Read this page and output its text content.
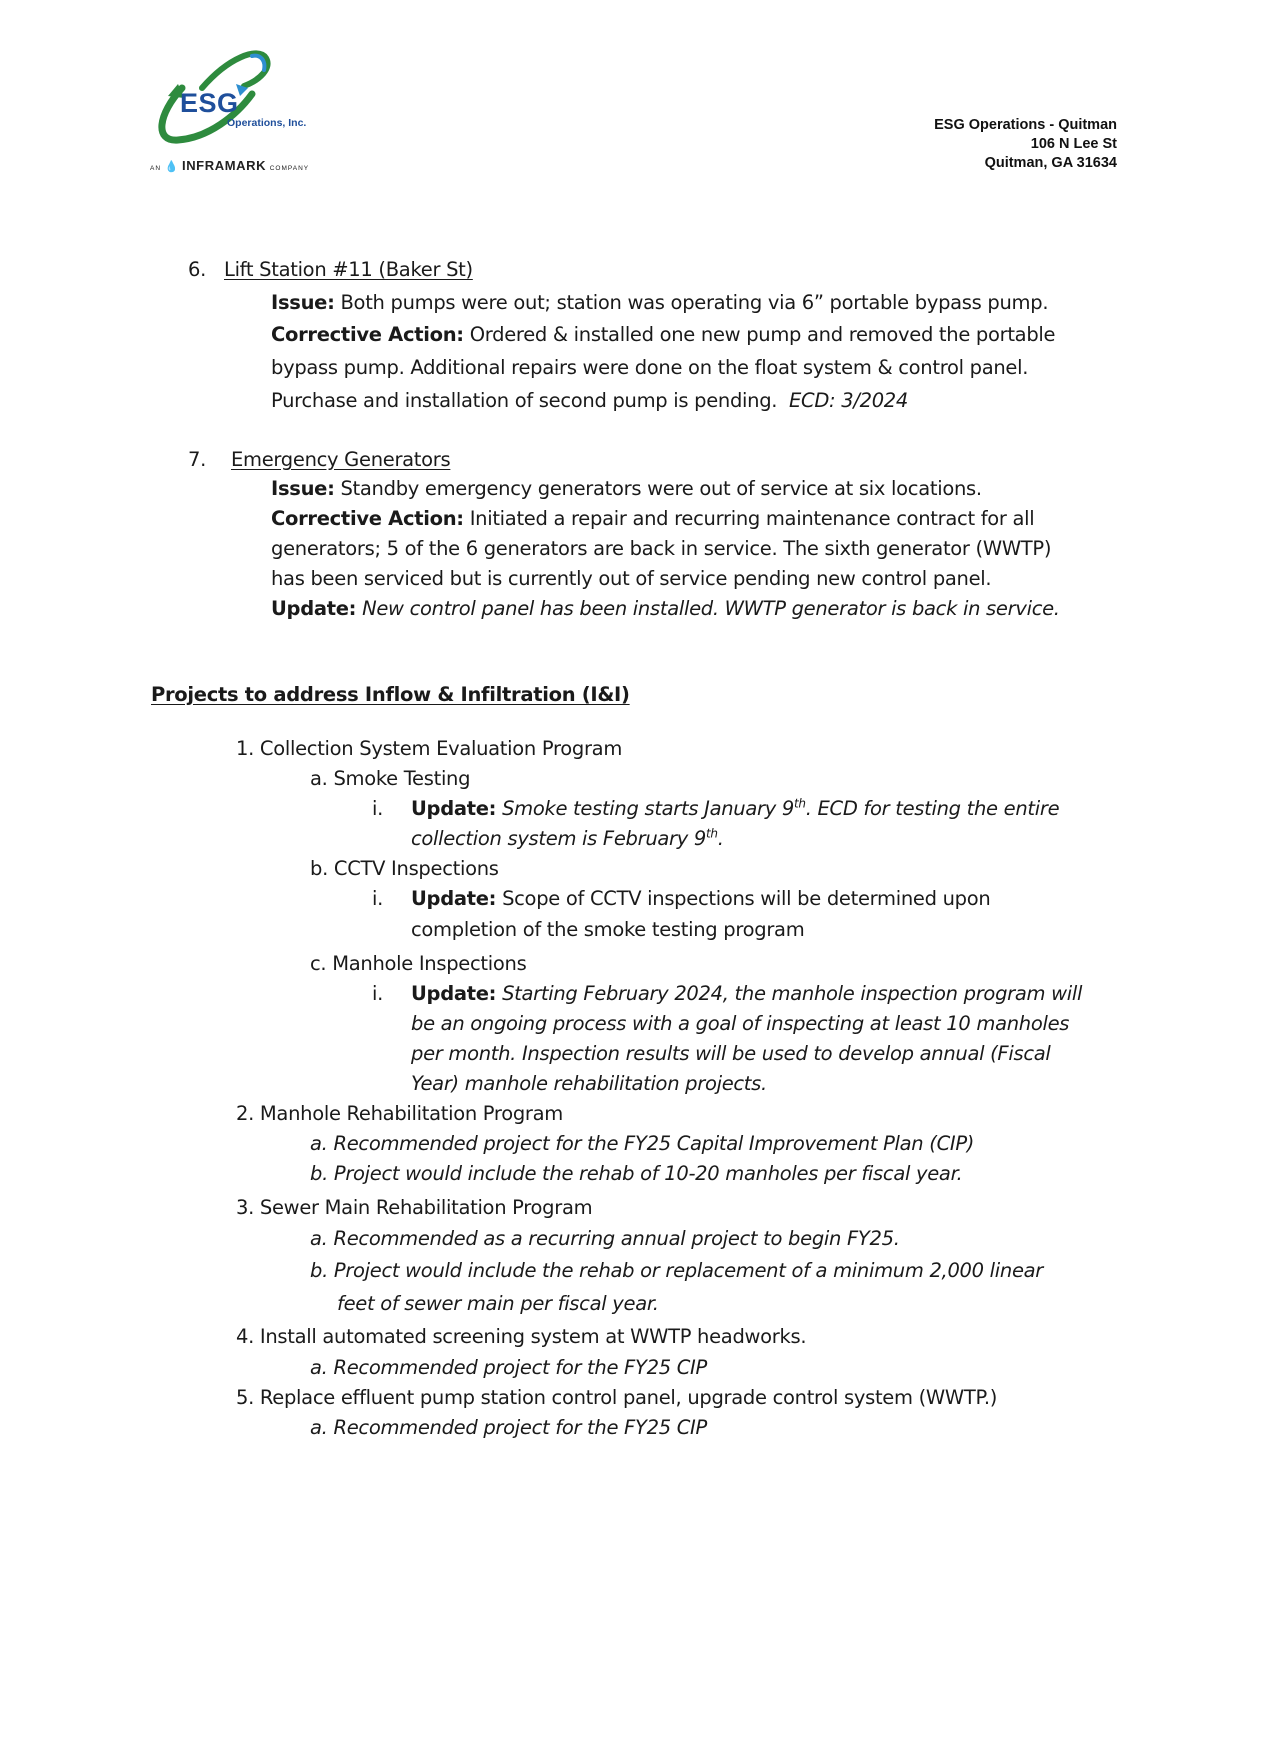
ESG
Operations, Inc.
AN 💧 INFRAMARK COMPANY
ESG Operations - Quitman
106 N Lee St
Quitman, GA 31634
6. Lift Station #11 (Baker St)
Issue: Both pumps were out; station was operating via 6” portable bypass pump.
Corrective Action: Ordered & installed one new pump and removed the portable
bypass pump. Additional repairs were done on the float system & control panel.
Purchase and installation of second pump is pending. ECD: 3/2024
7. Emergency Generators
Issue: Standby emergency generators were out of service at six locations.
Corrective Action: Initiated a repair and recurring maintenance contract for all
generators; 5 of the 6 generators are back in service. The sixth generator (WWTP)
has been serviced but is currently out of service pending new control panel.
Update: New control panel has been installed. WWTP generator is back in service.
Projects to address Inflow & Infiltration (I&I)
1. Collection System Evaluation Program
a. Smoke Testing
i. Update: Smoke testing starts January 9th. ECD for testing the entire
collection system is February 9th.
b. CCTV Inspections
i. Update: Scope of CCTV inspections will be determined upon
completion of the smoke testing program
c. Manhole Inspections
i. Update: Starting February 2024, the manhole inspection program will
be an ongoing process with a goal of inspecting at least 10 manholes
per month. Inspection results will be used to develop annual (Fiscal
Year) manhole rehabilitation projects.
2. Manhole Rehabilitation Program
a. Recommended project for the FY25 Capital Improvement Plan (CIP)
b. Project would include the rehab of 10-20 manholes per fiscal year.
3. Sewer Main Rehabilitation Program
a. Recommended as a recurring annual project to begin FY25.
b. Project would include the rehab or replacement of a minimum 2,000 linear
feet of sewer main per fiscal year.
4. Install automated screening system at WWTP headworks.
a. Recommended project for the FY25 CIP
5. Replace effluent pump station control panel, upgrade control system (WWTP.)
a. Recommended project for the FY25 CIP
